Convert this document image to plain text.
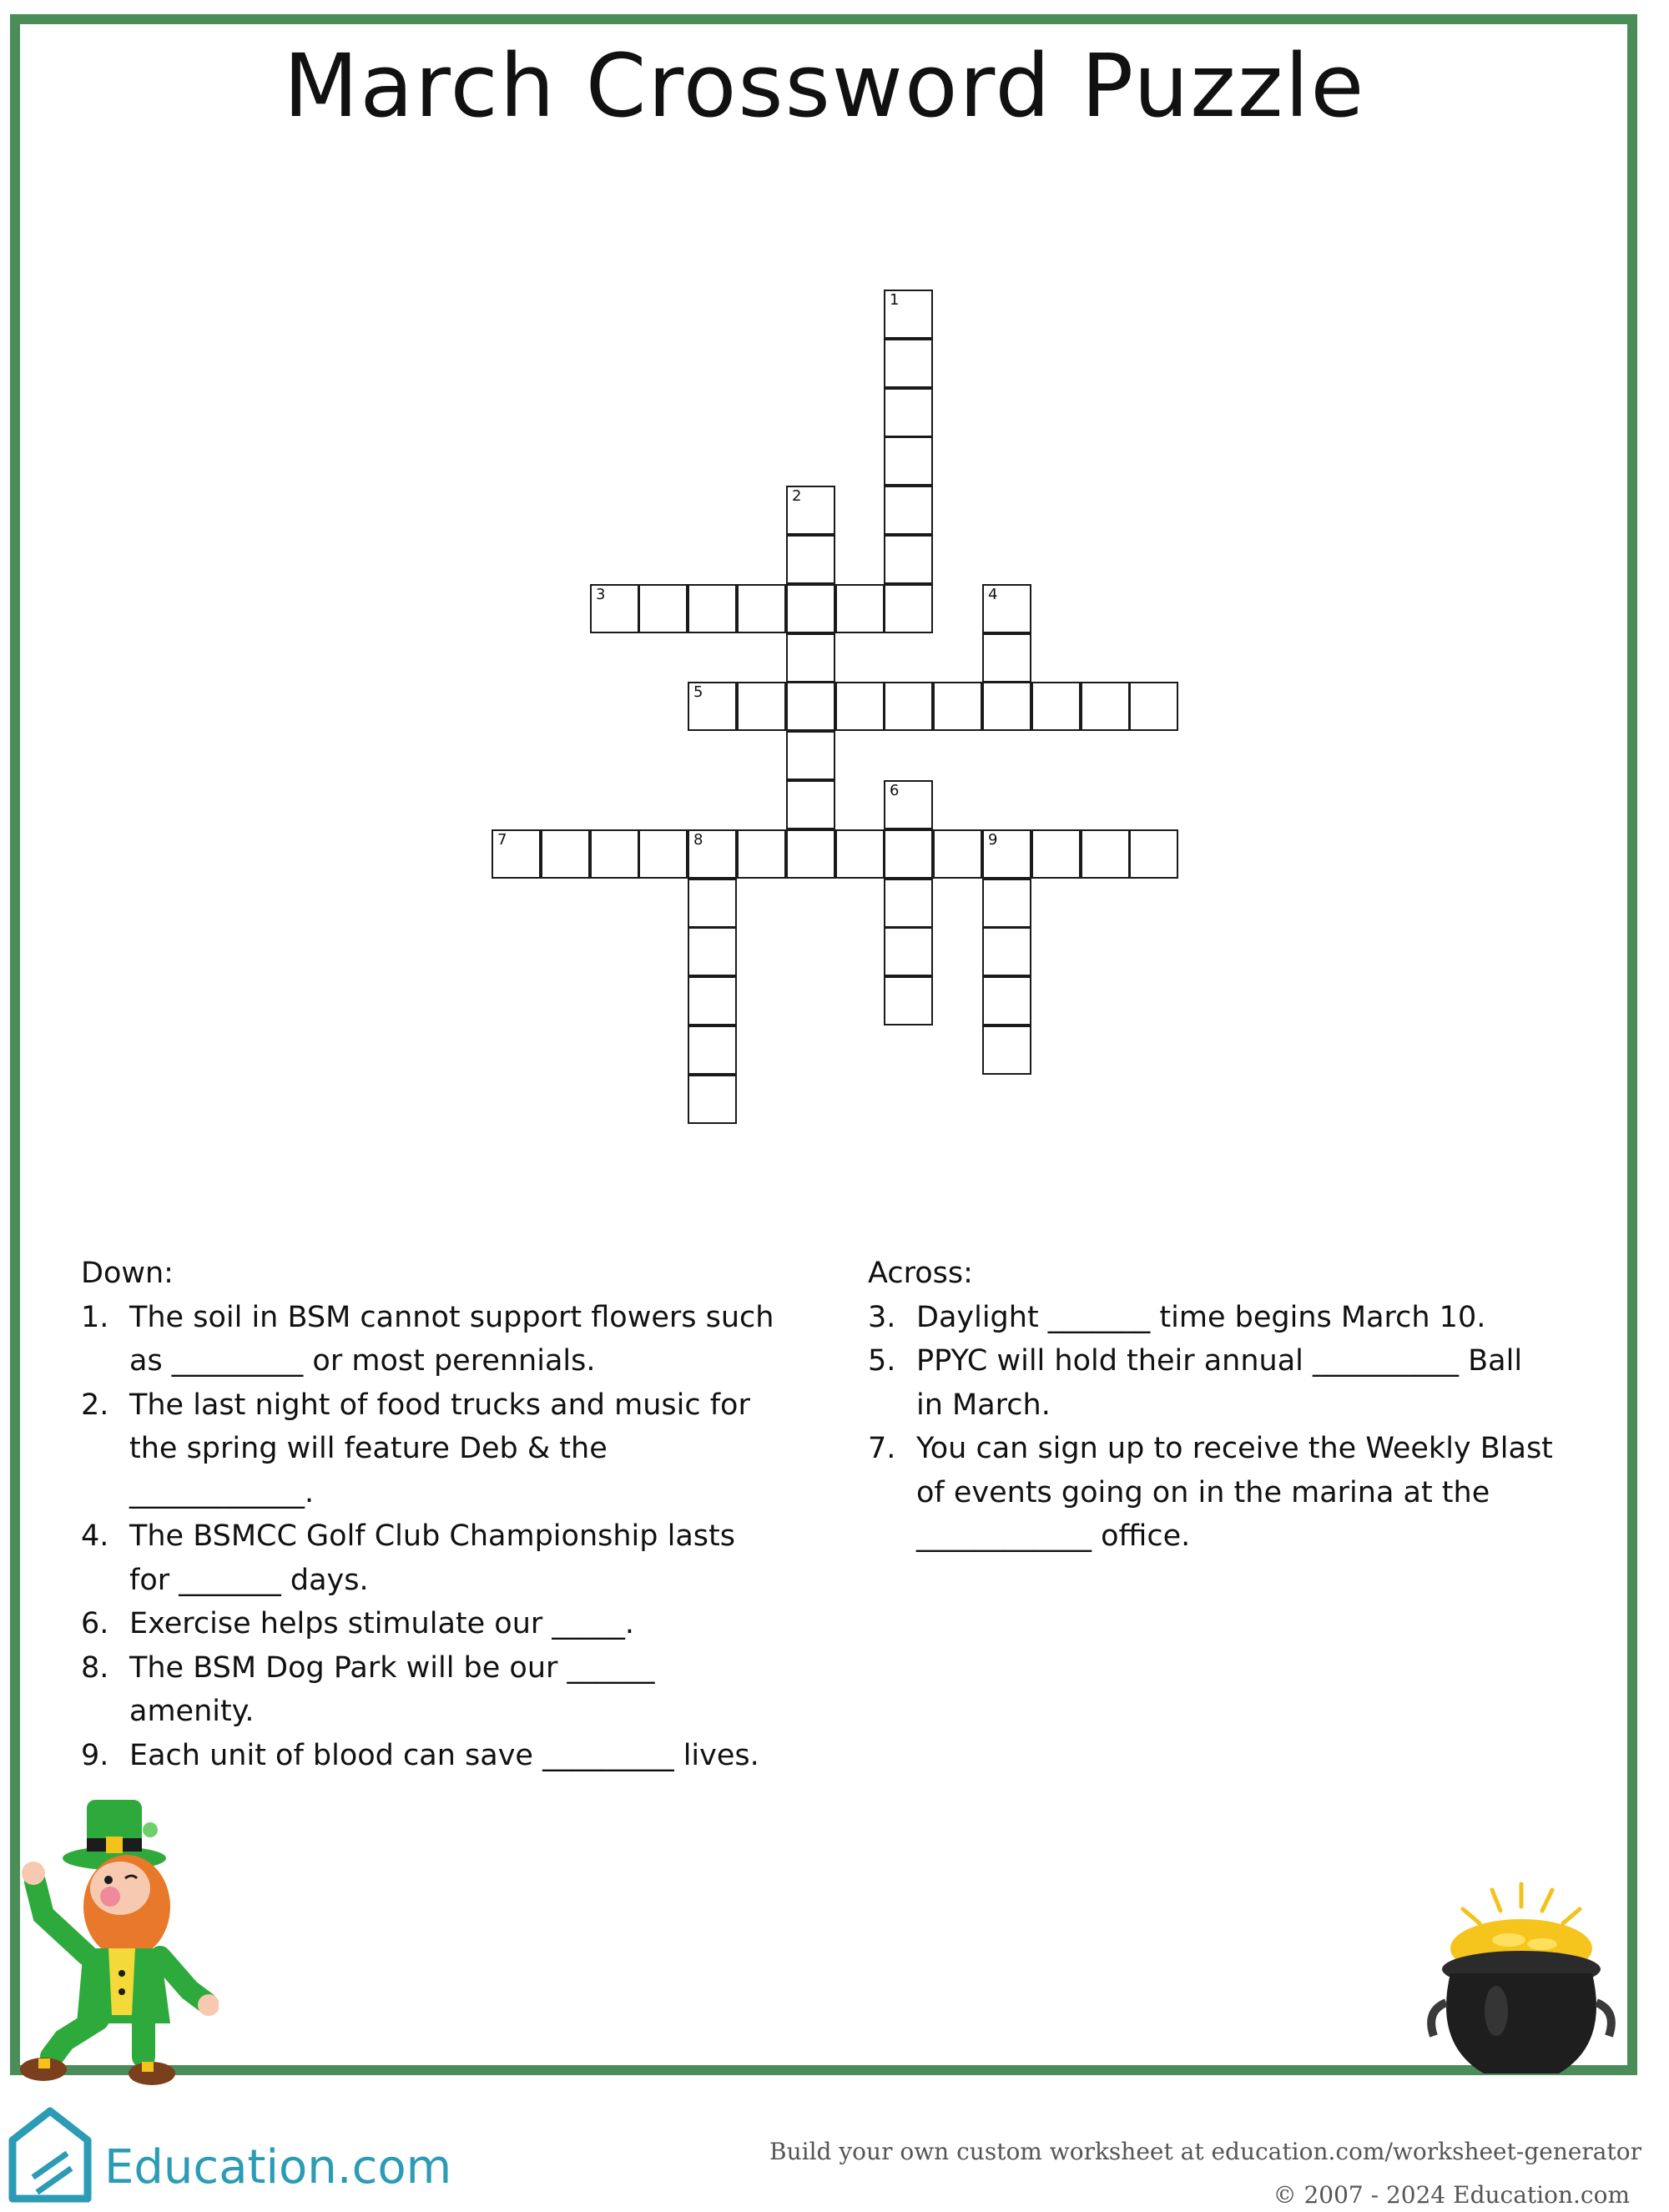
March Crossword Puzzle
1
2
3	4
5
6
7	8	9

Down:

1. The soil in BSM cannot support flowers such
as _________ or most perennials.
2. The last night of food trucks and music for
the spring will feature Deb & the
____________.
4. The BSMCC Golf Club Championship lasts
for _______ days.
6. Exercise helps stimulate our _____.
8. The BSM Dog Park will be our ______
amenity.
9. Each unit of blood can save _________ lives.

Across:

3. Daylight _______ time begins March 10.
5. PPYC will hold their annual __________ Ball
in March.
7. You can sign up to receive the Weekly Blast
of events going on in the marina at the
____________ office.
Education.com	Build your own custom worksheet at education.com/worksheet-generator
© 2007 - 2024 Education.com
